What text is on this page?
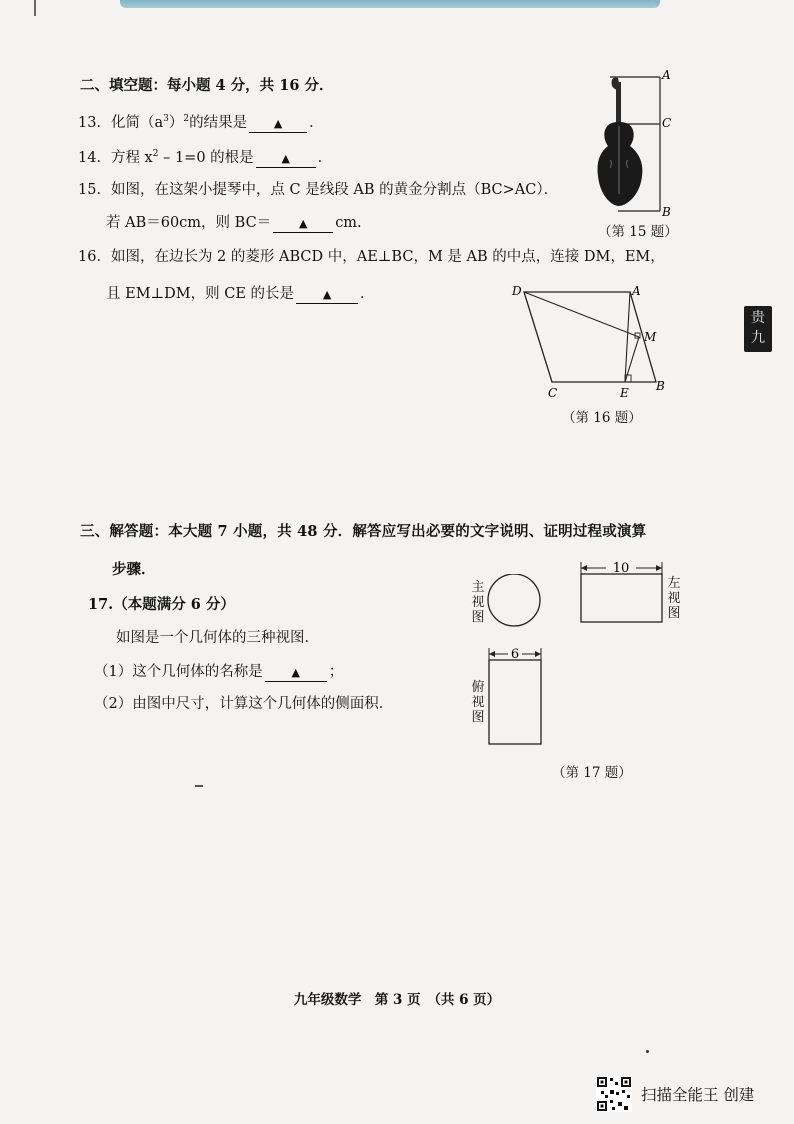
二、填空题：每小题 4 分，共 16 分．
13．化简$(a^3)^2$的结果是 ▲ ．
14．方程 $x^2 - 1=0$ 的根是	▲ ．
15．如图，在这架小提琴中，点 C 是线段 AB 的黄金分割点（BC>AC）．
若 AB＝60cm，则 BC＝	▲ cm.
16．如图，在边长为 2 的菱形 ABCD 中，AE⊥BC，M 是 AB 的中点，连接 DM，EM，
且 EM⊥DM，则 CE 的长是	▲ ．
A
C
B
（第 15 题）
D	A
M
C	E B
（第 16 题）
三、解答题：本大题 7 小题，共 48 分．解答应写出必要的文字说明、证明过程或演算
步骤．
17.（本题满分 6 分）
如图是一个几何体的三种视图．
（1）这个几何体的名称是	▲ ；
（2）由图中尺寸，计算这个几何体的侧面积．
主
视
图
10
左
视
图
6
俯
视
图
（第 17 题）
贵
九
九年级数学　第 3 页　（共 6 页）
扫描全能王 创建
